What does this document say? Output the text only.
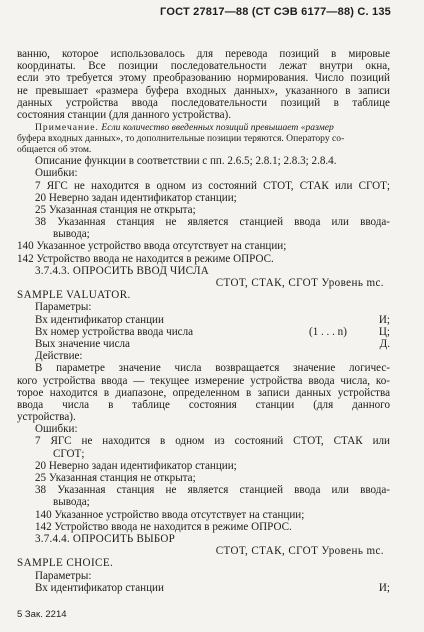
ГОСТ 27817—88 (СТ СЭВ 6177—88) С. 135
ванню, которое использовалось для перевода позиций в мировые
координаты. Все позиции последовательности лежат внутри окна,
если это требуется этому преобразованию нормирования. Число позиций
не превышает «размера буфера входных данных», указанного в записи
данных устройства ввода последовательности позиций в таблице
состояния станции (для данного устройства).
Примечание. Если количество введенных позиций превышает «размер
буфера входных данных», то дополнительные позиции теряются. Оператору со-
общается об этом.
Описание функции в соответствии с пп. 2.6.5; 2.8.1; 2.8.3; 2.8.4.
Ошибки:
7 ЯГС не находится в одном из состояний СТОТ, СТАК или СГОТ;
20 Неверно задан идентификатор станции;
25 Указанная станция не открыта;
38 Указанная станция не является станцией ввода или ввода-
вывода;
140 Указанное устройство ввода отсутствует на станции;
142 Устройство ввода не находится в режиме ОПРОС.
3.7.4.3. ОПРОСИТЬ ВВОД ЧИСЛА
СТОТ, СТАК, СГОТ Уровень mc.
SAMPLE VALUATOR.
Параметры:
Вх идентификатор станции	И;
Вх номер устройства ввода числа	(1 . . . n)	Ц;
Вых значение числа	Д.
Действие:
В параметре значение числа возвращается значение логичес-
кого устройства ввода — текущее измерение устройства ввода числа, ко-
торое находится в диапазоне, определенном в записи данных устройства
ввода числа в таблице состояния станции (для данного
устройства).
Ошибки:
7 ЯГС не находится в одном из состояний СТОТ, СТАК или
СГОТ;
20 Неверно задан идентификатор станции;
25 Указанная станция не открыта;
38 Указанная станция не является станцией ввода или ввода-
вывода;
140 Указанное устройство ввода отсутствует на станции;
142 Устройство ввода не находится в режиме ОПРОС.
3.7.4.4. ОПРОСИТЬ ВЫБОР
СТОТ, СТАК, СГОТ Уровень mc.
SAMPLE CHOICE.
Параметры:
Вх идентификатор станции	И;
5 Зак. 2214
